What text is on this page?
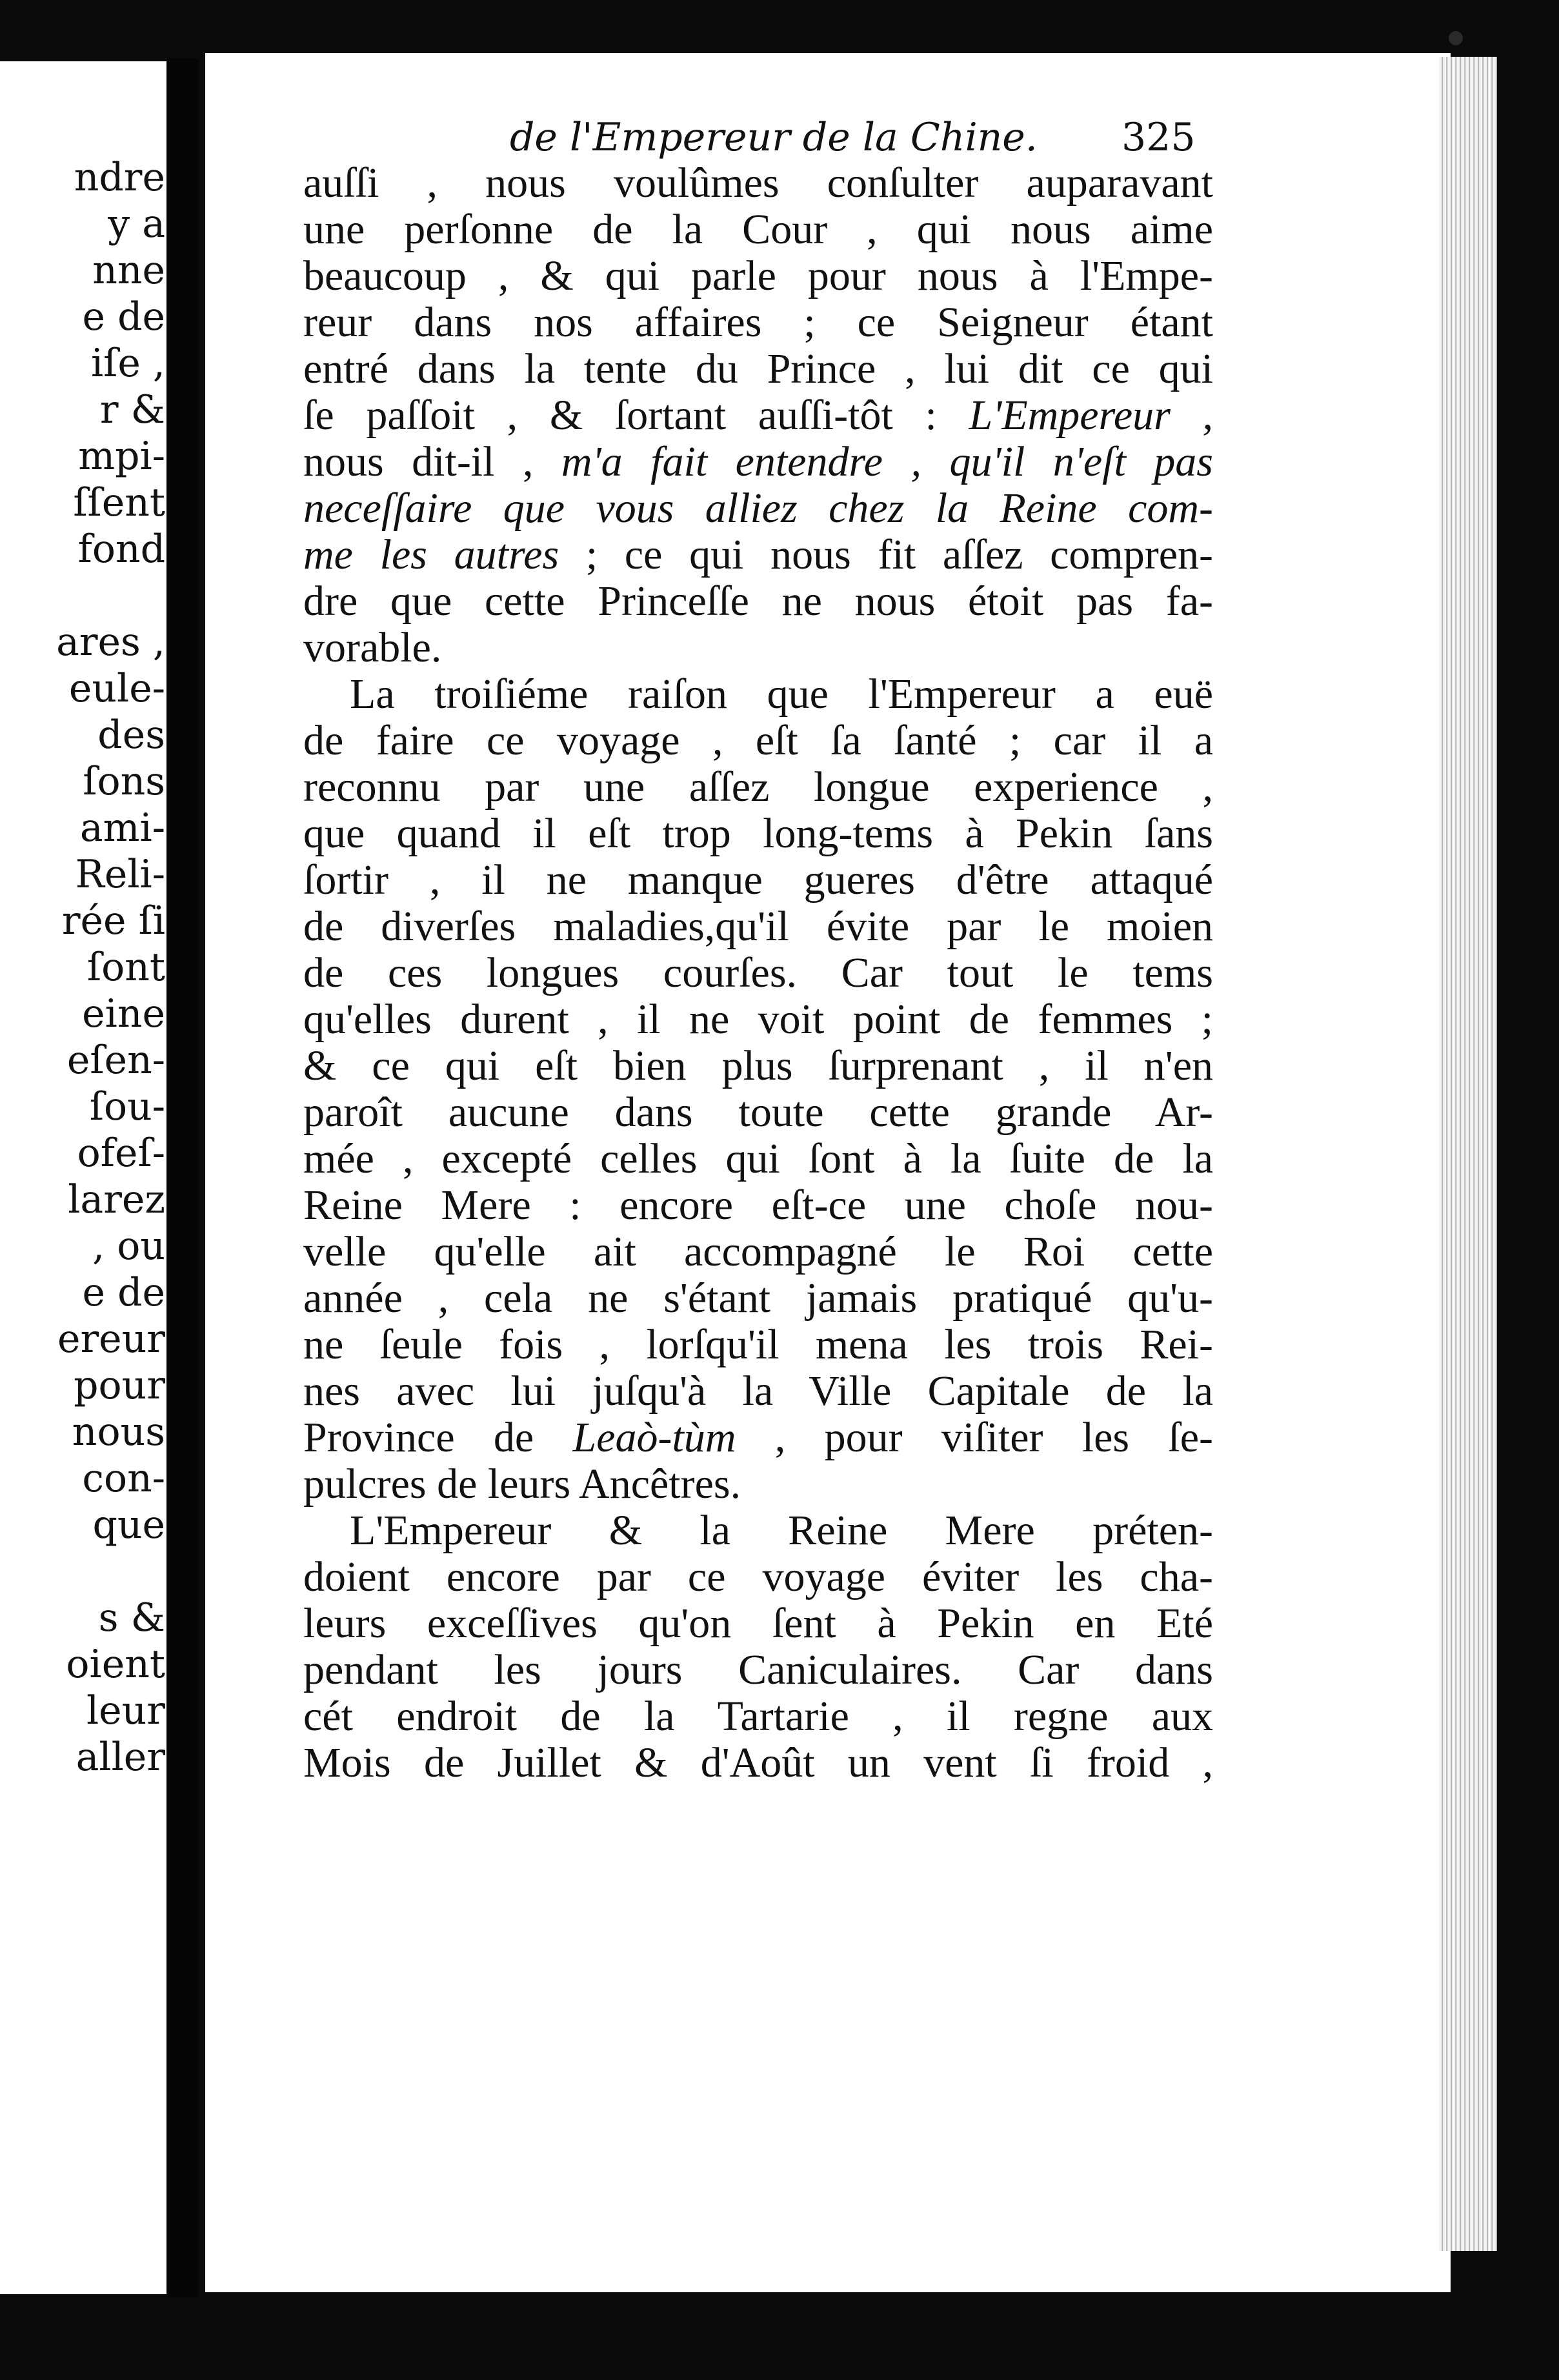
ndre
y a
nne
e de
iſe ,
r &
mpi-
ſſent
fond
ares ,
eule-
des
ſons
ami-
Reli-
rée ſi
ſont
eine
eſen-
ſou-
ofeſ-
larez
, ou
e de
ereur
pour
nous
con-
que
s &
oient
leur
aller
de l'Empereur de la Chine. 325
auſſi , nous voulûmes conſulter auparavant
une perſonne de la Cour , qui nous aime
beaucoup , & qui parle pour nous à l'Empe-
reur dans nos affaires ; ce Seigneur étant
entré dans la tente du Prince , lui dit ce qui
ſe paſſoit , & ſortant auſſi-tôt : L'Empereur ,
nous dit-il , m'a fait entendre , qu'il n'eſt pas
neceſſaire que vous alliez chez la Reine com-
me les autres ; ce qui nous fit aſſez compren-
dre que cette Princeſſe ne nous étoit pas fa-
vorable.
La troiſiéme raiſon que l'Empereur a euë
de faire ce voyage , eſt ſa ſanté ; car il a
reconnu par une aſſez longue experience ,
que quand il eſt trop long-tems à Pekin ſans
ſortir , il ne manque gueres d'être attaqué
de diverſes maladies,qu'il évite par le moien
de ces longues courſes. Car tout le tems
qu'elles durent , il ne voit point de femmes ;
& ce qui eſt bien plus ſurprenant , il n'en
paroît aucune dans toute cette grande Ar-
mée , excepté celles qui ſont à la ſuite de la
Reine Mere : encore eſt-ce une choſe nou-
velle qu'elle ait accompagné le Roi cette
année , cela ne s'étant jamais pratiqué qu'u-
ne ſeule fois , lorſqu'il mena les trois Rei-
nes avec lui juſqu'à la Ville Capitale de la
Province de Leaò-tùm , pour viſiter les ſe-
pulcres de leurs Ancêtres.
L'Empereur & la Reine Mere préten-
doient encore par ce voyage éviter les cha-
leurs exceſſives qu'on ſent à Pekin en Eté
pendant les jours Caniculaires. Car dans
cét endroit de la Tartarie , il regne aux
Mois de Juillet & d'Août un vent ſi froid ,
